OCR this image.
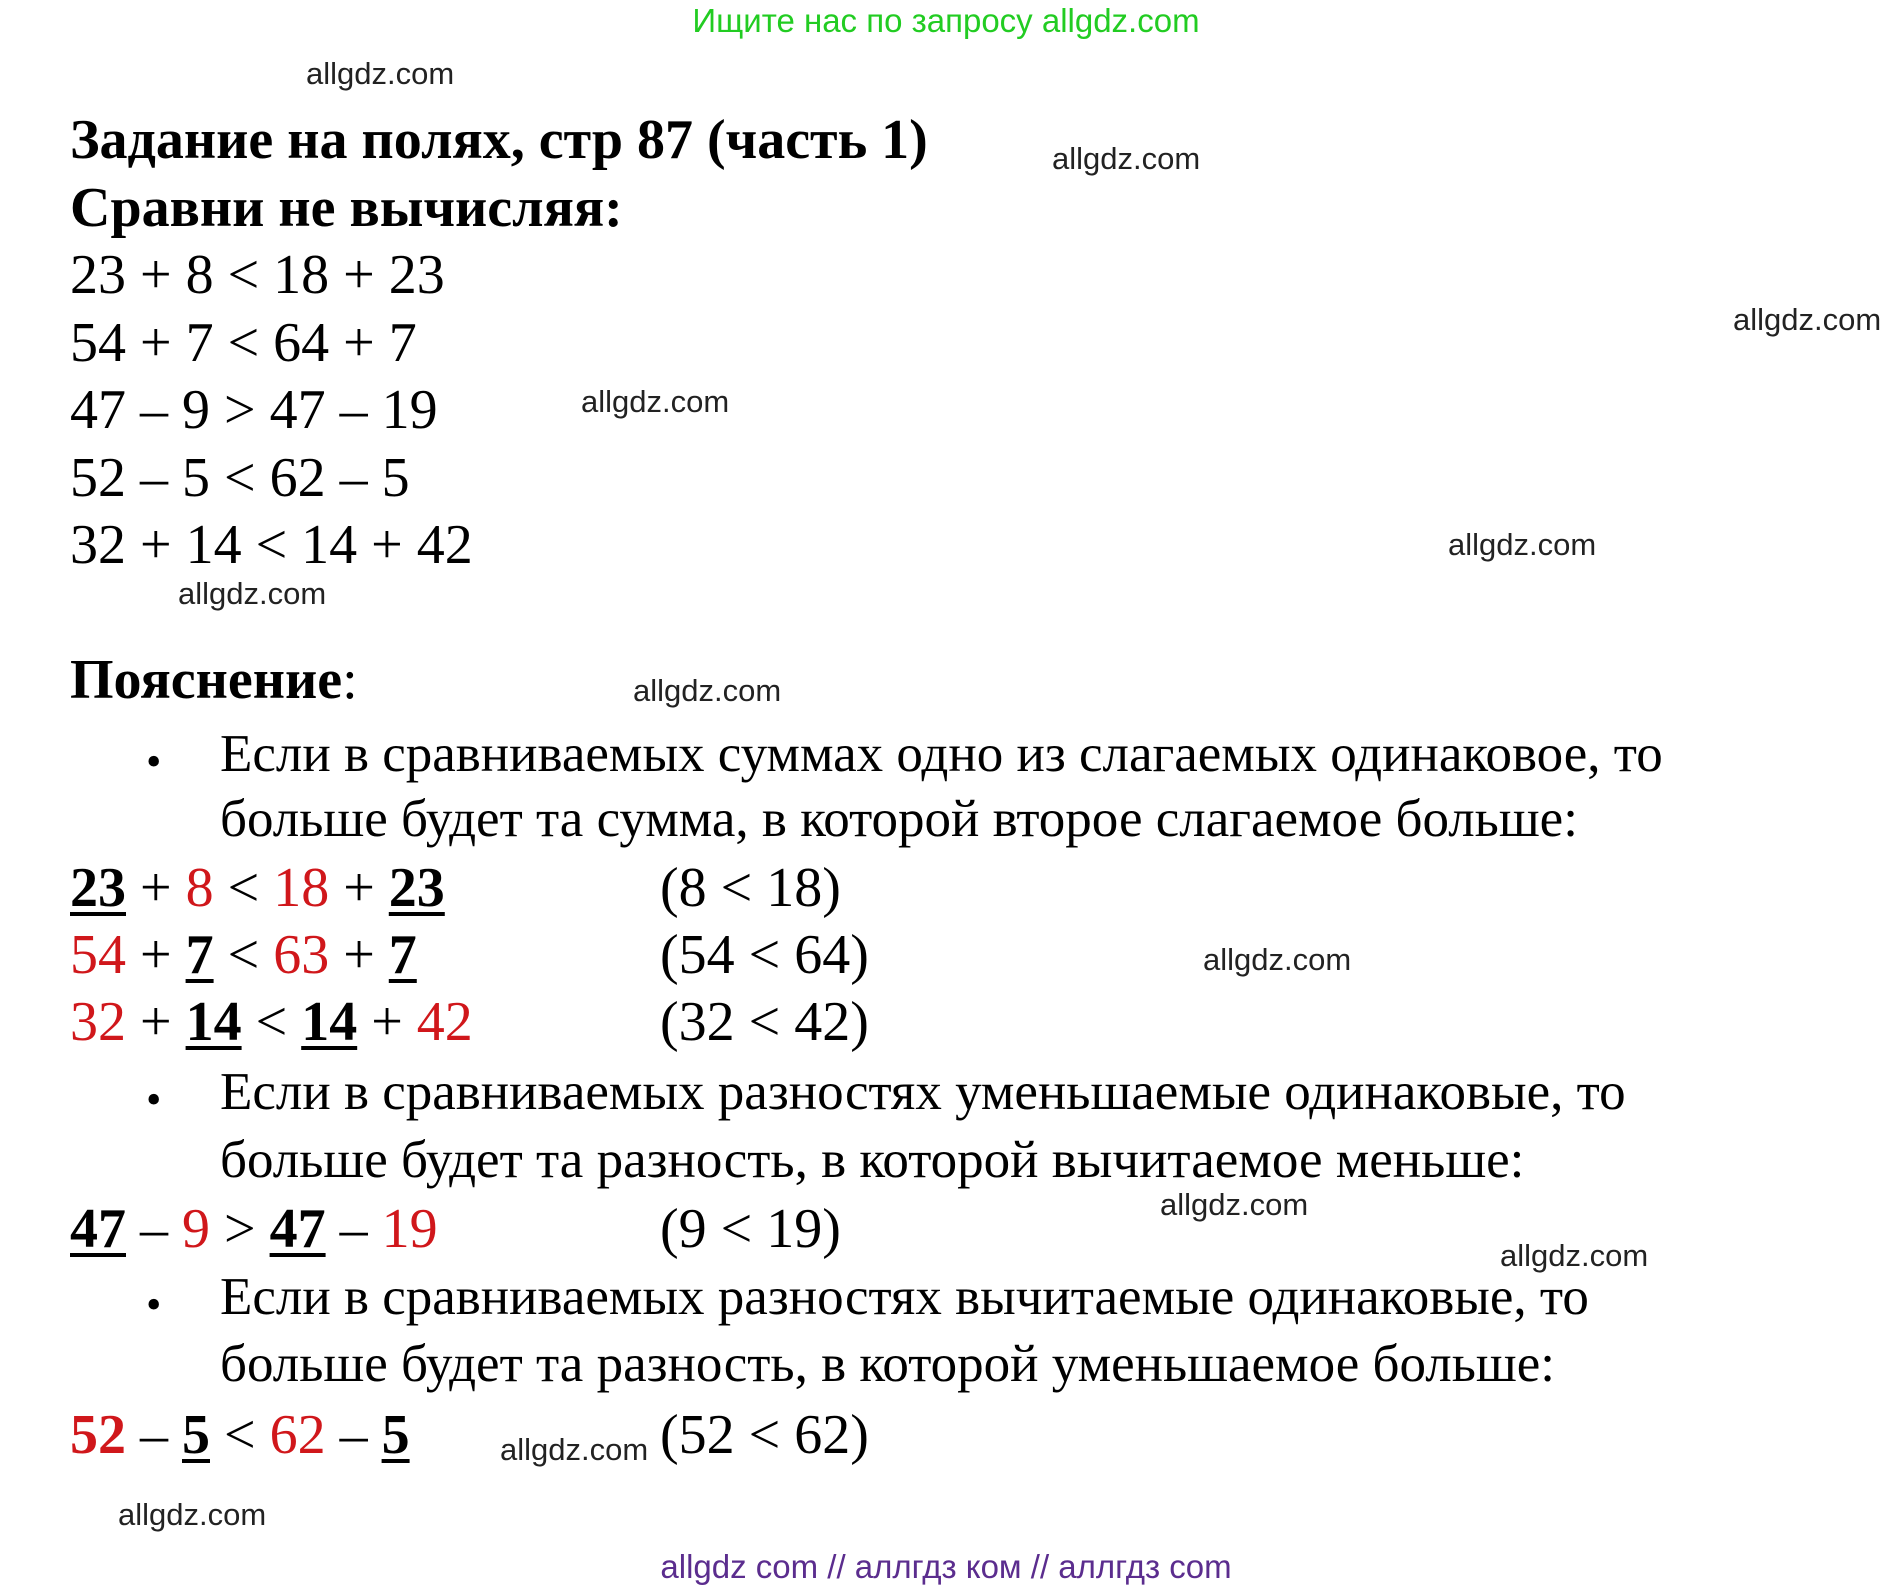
Ищите нас по запросу allgdz.com
allgdz.com
allgdz.com
allgdz.com
allgdz.com
allgdz.com
allgdz.com
allgdz.com
allgdz.com
allgdz.com
allgdz.com
allgdz.com
allgdz.com
Задание на полях, стр 87 (часть 1)
Сравни не вычисляя:
23 + 8 < 18 + 23
54 + 7 < 64 + 7
47 – 9 > 47 – 19
52 – 5 < 62 – 5
32 + 14 < 14 + 42
Пояснение:
• Если в сравниваемых суммах одно из слагаемых одинаковое, то
больше будет та сумма, в которой второе слагаемое больше:
23 + 8 < 18 + 23	(8 < 18)
54 + 7 < 63 + 7	(54 < 64)
32 + 14 < 14 + 42	(32 < 42)
• Если в сравниваемых разностях уменьшаемые одинаковые, то
больше будет та разность, в которой вычитаемое меньше:
47 – 9 > 47 – 19	(9 < 19)
• Если в сравниваемых разностях вычитаемые одинаковые, то
больше будет та разность, в которой уменьшаемое больше:
52 – 5 < 62 – 5	(52 < 62)
allgdz com // аллгдз ком // аллгдз com
